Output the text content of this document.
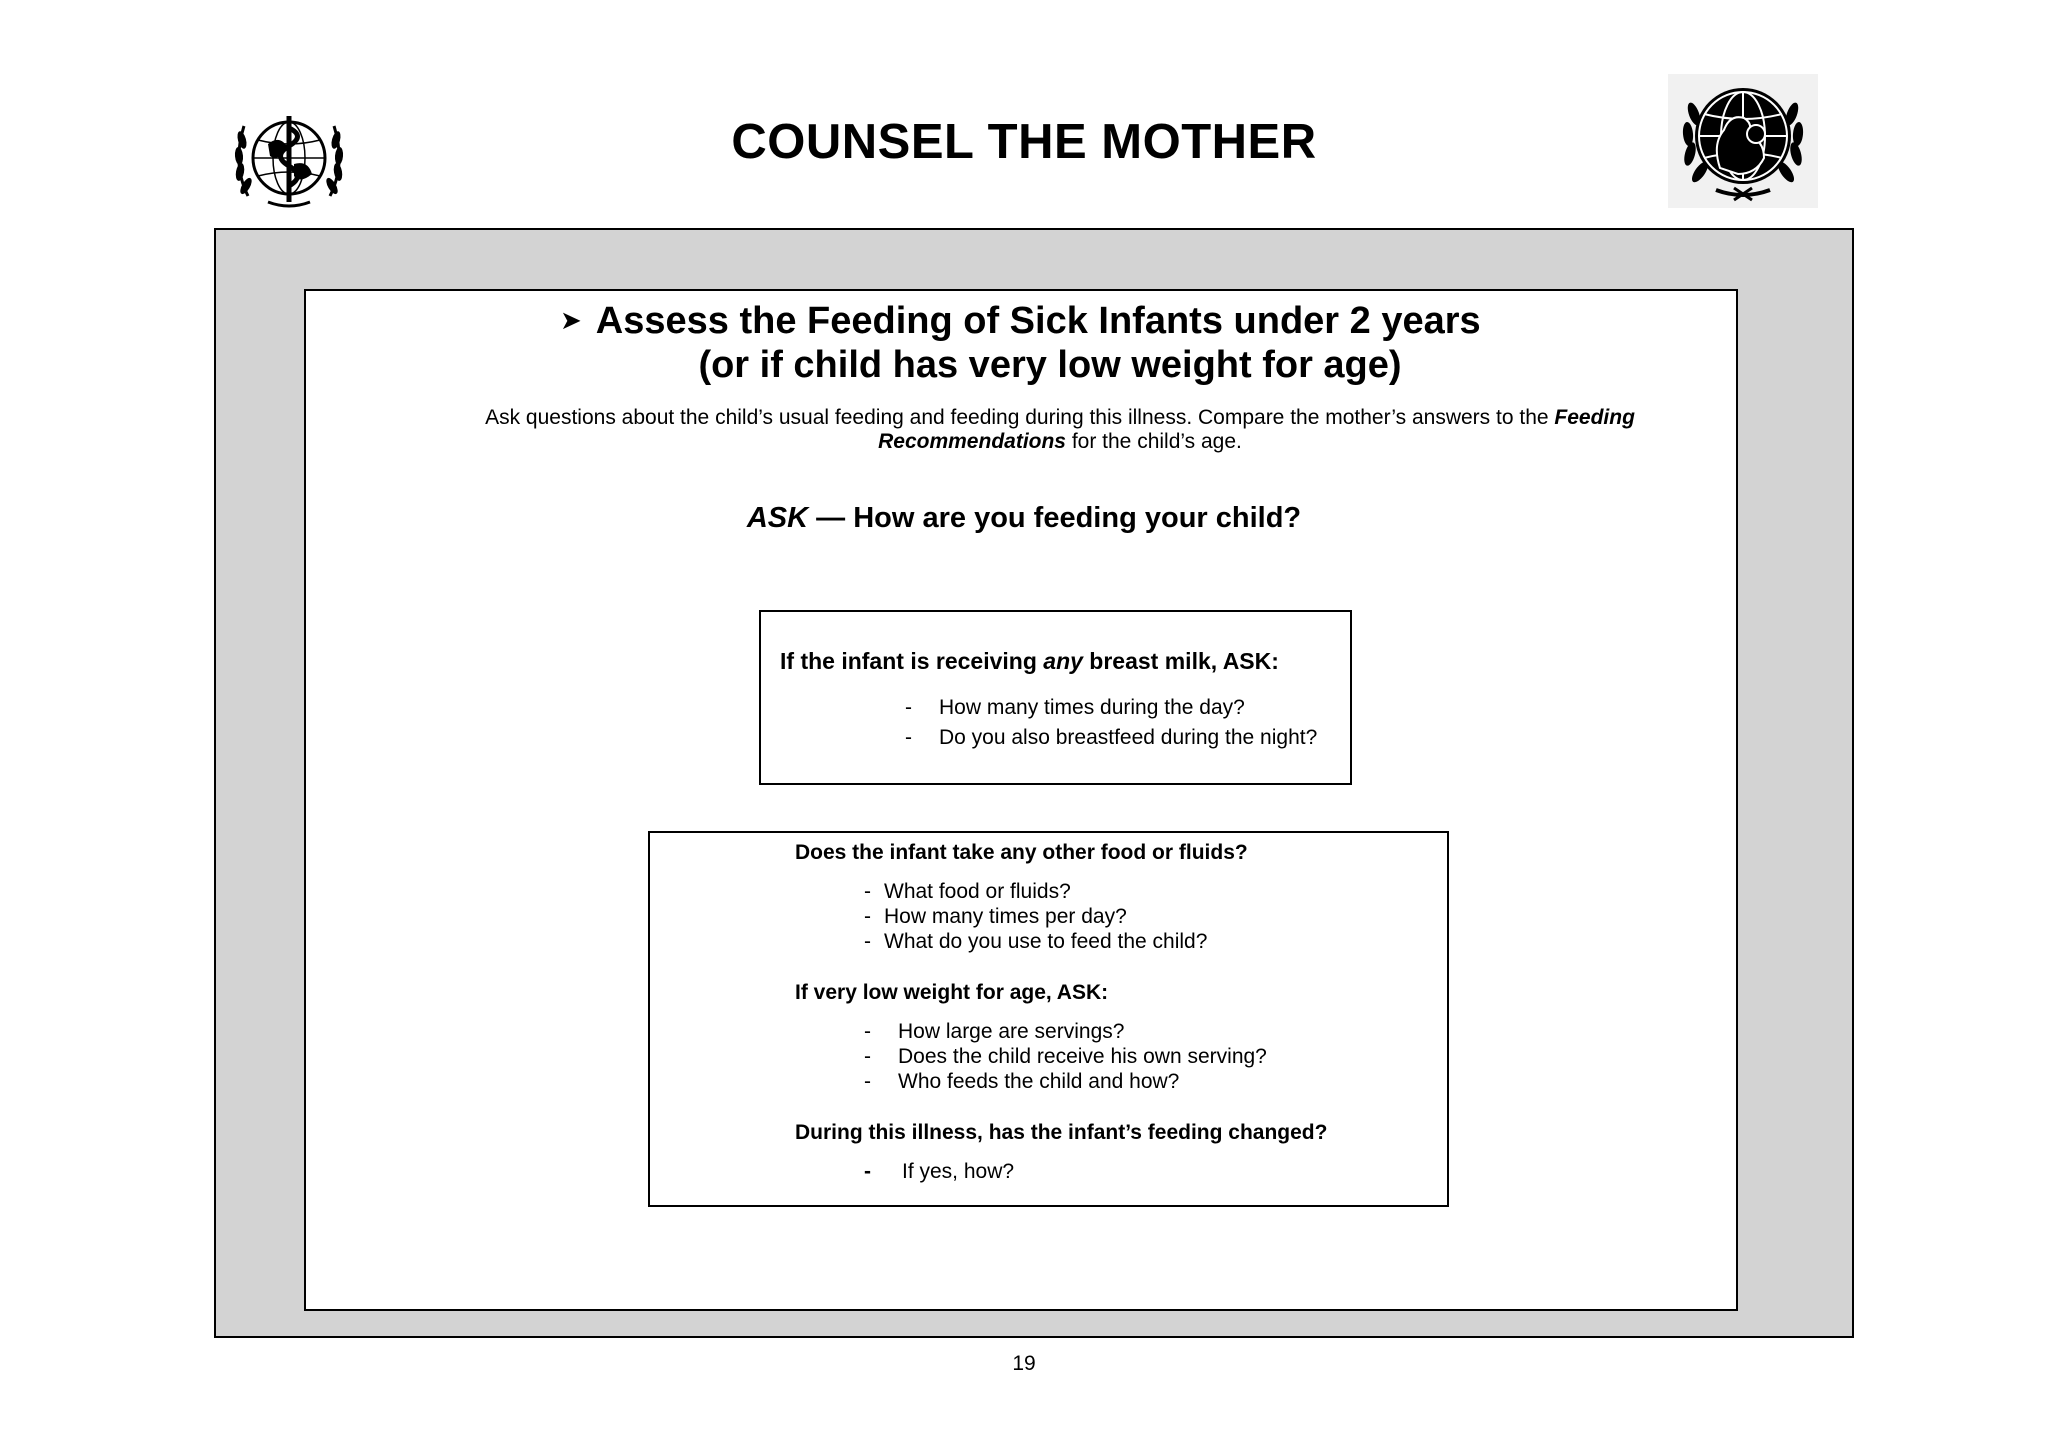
COUNSEL THE MOTHER
➤ Assess the Feeding of Sick Infants under 2 years
(or if child has very low weight for age)
Ask questions about the child’s usual feeding and feeding during this illness. Compare the mother’s answers to the Feeding Recommendations for the child’s age.
ASK — How are you feeding your child?
If the infant is receiving any breast milk, ASK:
- How many times during the day?
- Do you also breastfeed during the night?
Does the infant take any other food or fluids?
- What food or fluids?
- How many times per day?
- What do you use to feed the child?
If very low weight for age, ASK:
- How large are servings?
- Does the child receive his own serving?
- Who feeds the child and how?
During this illness, has the infant’s feeding changed?
- If yes, how?
19
